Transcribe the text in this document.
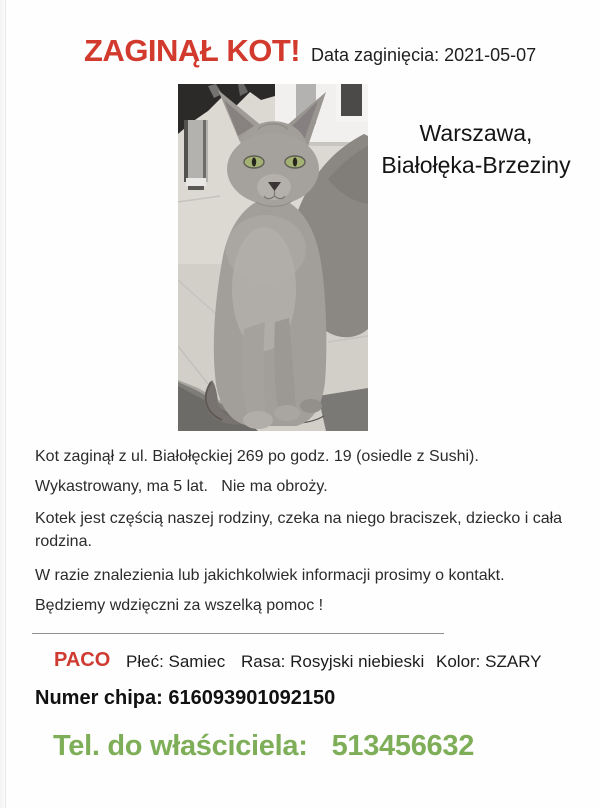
ZAGINĄŁ KOT! Data zaginięcia: 2021-05-07
Warszawa,
Białołęka-Brzeziny
Kot zaginął z ul. Białołęckiej 269 po godz. 19 (osiedle z Sushi).
Wykastrowany, ma 5 lat.   Nie ma obroży.
Kotek jest częścią naszej rodziny, czeka na niego braciszek, dziecko i cała rodzina.
W razie znalezienia lub jakichkolwiek informacji prosimy o kontakt.
Będziemy wdzięczni za wszelką pomoc !
PACO Płeć: Samiec Rasa: Rosyjski niebieski Kolor: SZARY
Numer chipa: 616093901092150
Tel. do właściciela: 513456632
